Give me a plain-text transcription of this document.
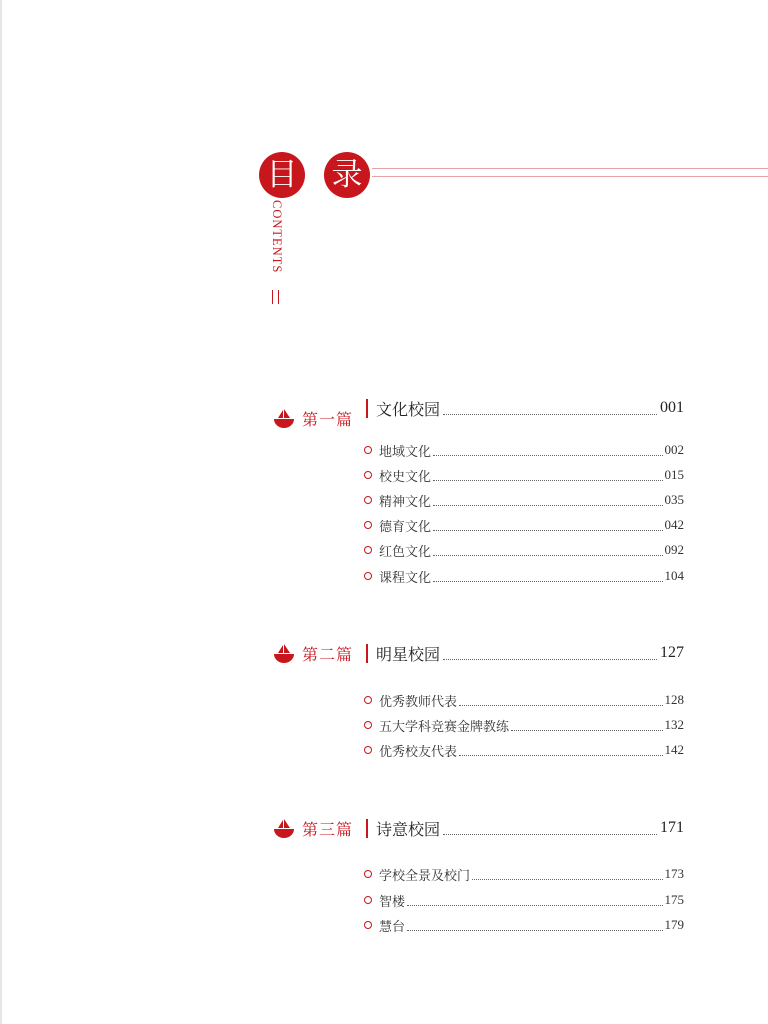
目 录
CONTENTS
第一篇
文化校园	001
地域文化	002
校史文化	015
精神文化	035
德育文化	042
红色文化	092
课程文化	104
第二篇 明星校园	127
优秀教师代表	128
五大学科竞赛金牌教练	132
优秀校友代表	142
第三篇 诗意校园	171
学校全景及校门	173
智楼	175
慧台	179
